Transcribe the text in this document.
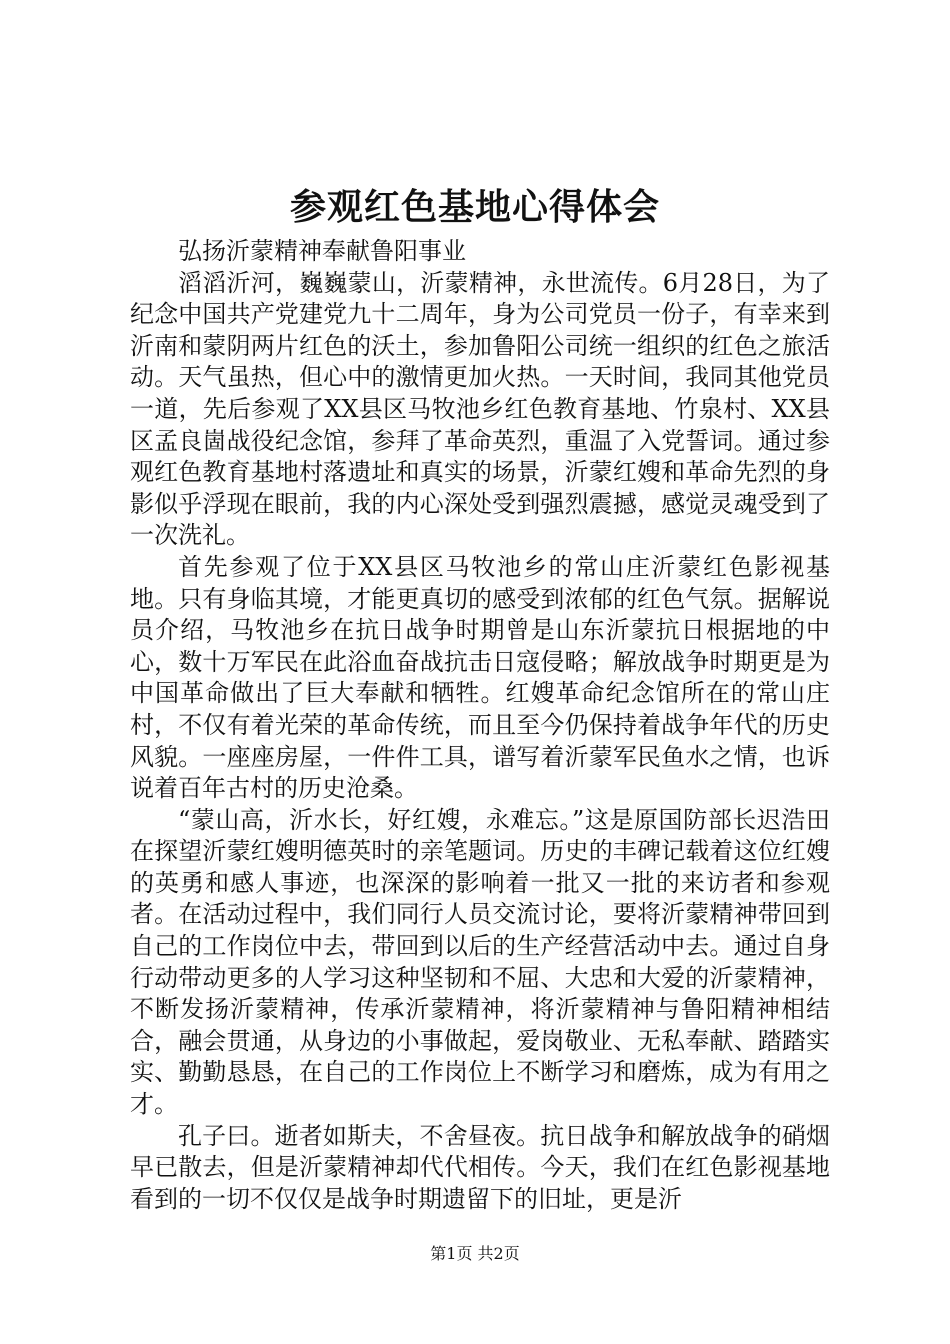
参观红色基地心得体会

弘扬沂蒙精神奉献鲁阳事业

滔滔沂河，巍巍蒙山，沂蒙精神，永世流传。6月28日，为了纪念中国共产党建党九十二周年，身为公司党员一份子，有幸来到沂南和蒙阴两片红色的沃土，参加鲁阳公司统一组织的红色之旅活动。天气虽热，但心中的激情更加火热。一天时间，我同其他党员一道，先后参观了XX县区马牧池乡红色教育基地、竹泉村、XX县区孟良崮战役纪念馆，参拜了革命英烈，重温了入党誓词。通过参观红色教育基地村落遗址和真实的场景，沂蒙红嫂和革命先烈的身影似乎浮现在眼前，我的内心深处受到强烈震撼，感觉灵魂受到了一次洗礼。

首先参观了位于XX县区马牧池乡的常山庄沂蒙红色影视基地。只有身临其境，才能更真切的感受到浓郁的红色气氛。据解说员介绍，马牧池乡在抗日战争时期曾是山东沂蒙抗日根据地的中心，数十万军民在此浴血奋战抗击日寇侵略；解放战争时期更是为中国革命做出了巨大奉献和牺牲。红嫂革命纪念馆所在的常山庄村，不仅有着光荣的革命传统，而且至今仍保持着战争年代的历史风貌。一座座房屋，一件件工具，谱写着沂蒙军民鱼水之情，也诉说着百年古村的历史沧桑。

“蒙山高，沂水长，好红嫂，永难忘。”这是原国防部长迟浩田在探望沂蒙红嫂明德英时的亲笔题词。历史的丰碑记载着这位红嫂的英勇和感人事迹，也深深的影响着一批又一批的来访者和参观者。在活动过程中，我们同行人员交流讨论，要将沂蒙精神带回到自己的工作岗位中去，带回到以后的生产经营活动中去。通过自身行动带动更多的人学习这种坚韧和不屈、大忠和大爱的沂蒙精神，不断发扬沂蒙精神，传承沂蒙精神，将沂蒙精神与鲁阳精神相结合，融会贯通，从身边的小事做起，爱岗敬业、无私奉献、踏踏实实、勤勤恳恳，在自己的工作岗位上不断学习和磨炼，成为有用之才。

孔子曰。逝者如斯夫，不舍昼夜。抗日战争和解放战争的硝烟早已散去，但是沂蒙精神却代代相传。今天，我们在红色影视基地看到的一切不仅仅是战争时期遗留下的旧址，更是沂

第1页 共2页
